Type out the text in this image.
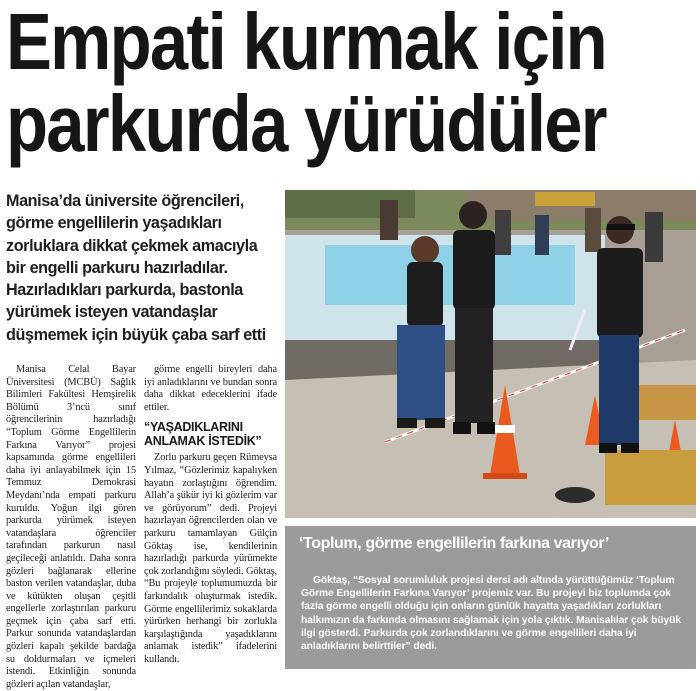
Empati kurmak için
parkurda yürüdüler

Manisa’da üniversite öğrencileri, görme engellilerin yaşadıkları zorluklara dikkat çekmek amacıyla bir engelli parkuru hazırladılar. Hazırladıkları parkurda, bastonla yürümek isteyen vatandaşlar düşmemek için büyük çaba sarf etti

Manisa Celal Bayar Üniversitesi (MCBÜ) Sağlık Bilimleri Fakültesi Hemşirelik Bölümü 3’ncü sınıf öğrencilerinin hazırladığı “Toplum Görme Engellilerin Farkına Varıyor” projesi kapsamında görme engellileri daha iyi anlayabilmek için 15 Temmuz Demokrasi Meydanı’nda empati parkuru kuruldu. Yoğun ilgi gören parkurda yürümek isteyen vatandaşlara öğrenciler tarafından parkurun nasıl geçileceği anlatıldı. Daha sonra gözleri bağlanarak ellerine baston verilen vatandaşlar, duba ve kütükten oluşan çeşitli engellerle zorlaştırılan parkuru geçmek için çaba sarf etti. Parkur sonunda vatandaşlardan gözleri kapalı şekilde bardağa su doldurmaları ve içmeleri istendi. Etkinliğin sonunda gözleri açılan vatandaşlar,

görme engelli bireyleri daha iyi anladıklarını ve bundan sonra daha dikkat edeceklerini ifade ettiler.

“YAŞADIKLARINI ANLAMAK İSTEDİK”

Zorlu parkuru geçen Rümeysa Yılmaz, “Gözlerimiz kapalıyken hayatın zorlaştığını öğrendim. Allah’a şükür iyi ki gözlerim var ve görüyorum” dedi. Projeyi hazırlayan öğrencilerden olan ve parkuru tamamlayan Gülçin Göktaş ise, kendilerinin hazırladığı parkurda yürümekte çok zorlandığını söyledi. Göktaş, “Bu projeyle toplumumuzda bir farkındalık oluşturmak istedik. Görme engellilerimiz sokaklarda yürürken herhangi bir zorlukla karşılaştığında yaşadıklarını anlamak istedik” ifadelerini kullandı.

‘Toplum, görme engellilerin farkına varıyor’

Göktaş, “Sosyal sorumluluk projesi dersi adı altında yürüttüğümüz ‘Toplum Görme Engellilerin Farkına Varıyor’ projemiz var. Bu projeyi biz toplumda çok fazla görme engelli olduğu için onların günlük hayatta yaşadıkları zorlukları halkımızın da farkında olmasını sağlamak için yola çıktık. Manisalılar çok büyük ilgi gösterdi. Parkurda çok zorlandıklarını ve görme engellileri daha iyi anladıklarını belirttiler” dedi.
